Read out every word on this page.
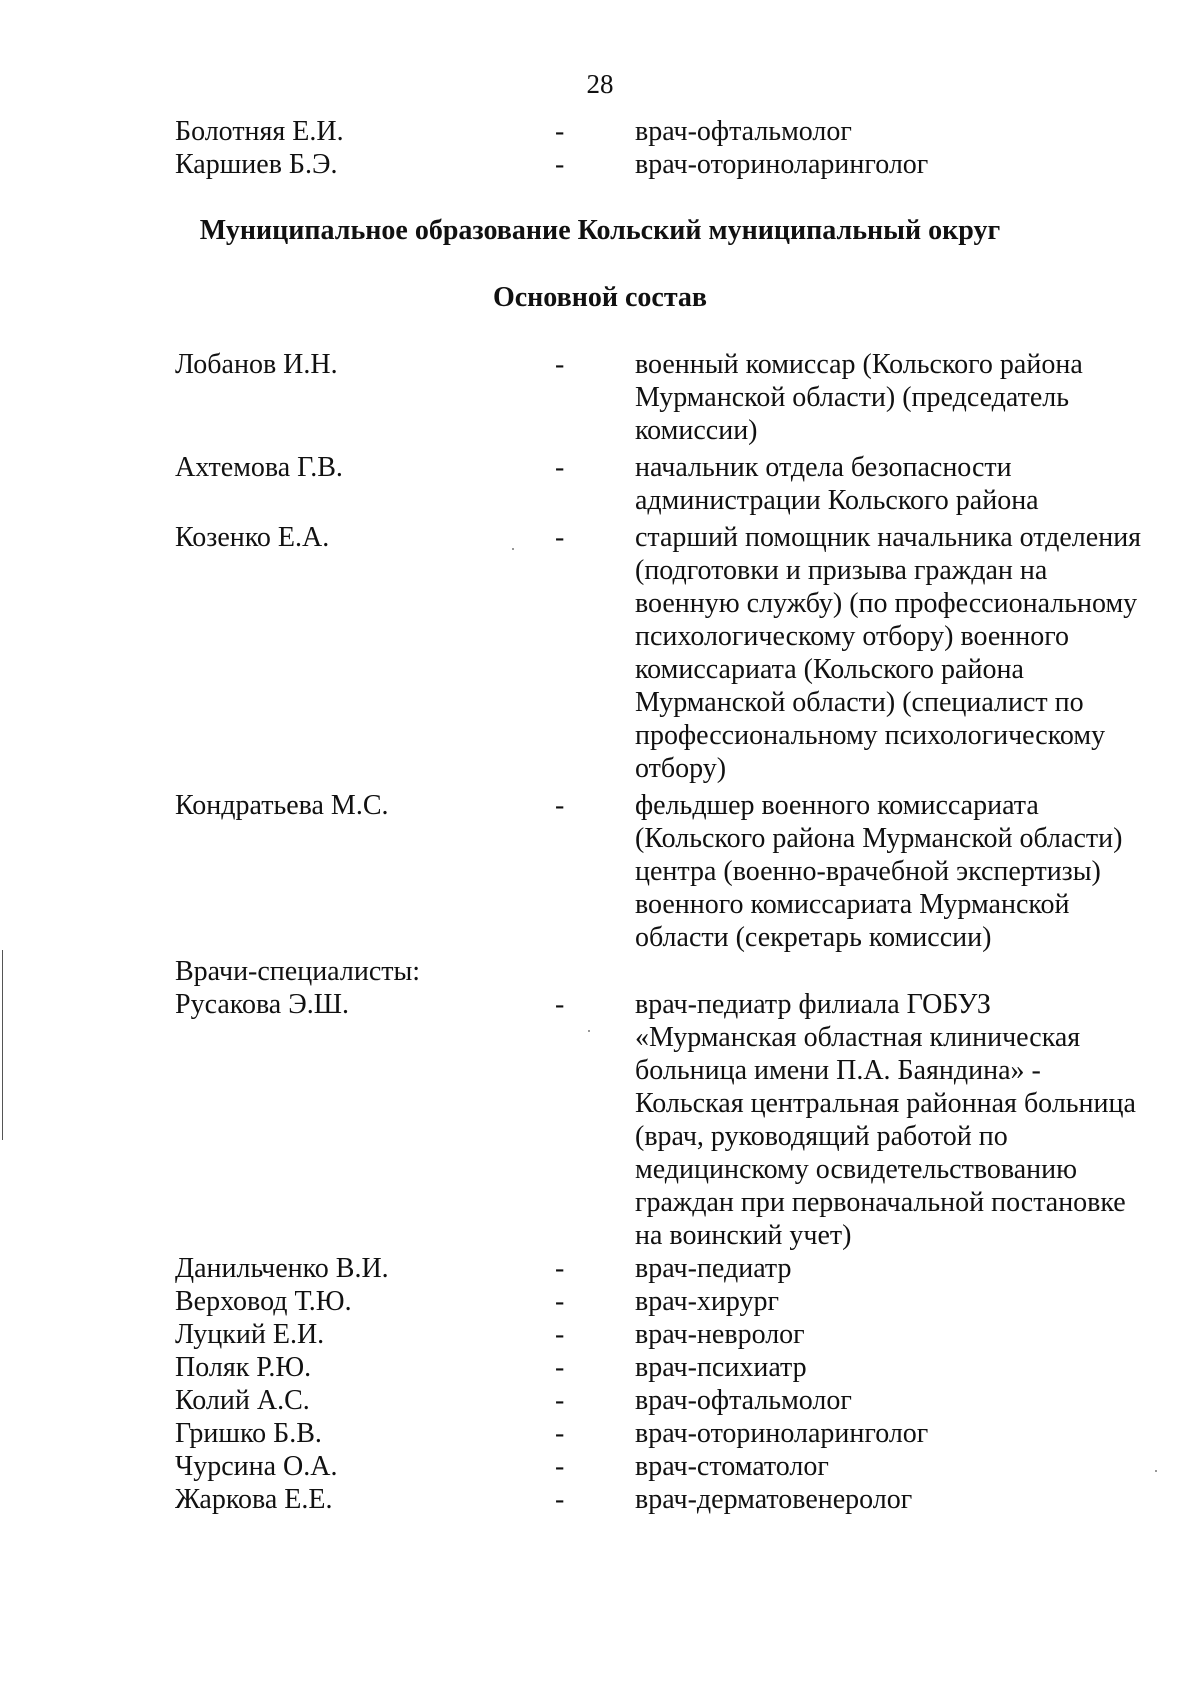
28
Болотняя Е.И.	-	врач-офтальмолог
Каршиев Б.Э.	-	врач-оториноларинголог
Муниципальное образование Кольский муниципальный округ
Основной состав
Лобанов И.Н.	-	военный комиссар (Кольского района
Мурманской области) (председатель
комиссии)
Ахтемова Г.В.	-	начальник отдела безопасности
администрации Кольского района
Козенко Е.А.	-	старший помощник начальника отделения
(подготовки и призыва граждан на
военную службу) (по профессиональному
психологическому отбору) военного
комиссариата (Кольского района
Мурманской области) (специалист по
профессиональному психологическому
отбору)
Кондратьева М.С.	-	фельдшер военного комиссариата
(Кольского района Мурманской области)
центра (военно-врачебной экспертизы)
военного комиссариата Мурманской
области (секретарь комиссии)
Врачи-специалисты:
Русакова Э.Ш.	-	врач-педиатр филиала ГОБУЗ
«Мурманская областная клиническая
больница имени П.А. Баяндина» -
Кольская центральная районная больница
(врач, руководящий работой по
медицинскому освидетельствованию
граждан при первоначальной постановке
на воинский учет)
Данильченко В.И.	-	врач-педиатр
Верховод Т.Ю.	-	врач-хирург
Луцкий Е.И.	-	врач-невролог
Поляк Р.Ю.	-	врач-психиатр
Колий А.С.	-	врач-офтальмолог
Гришко Б.В.	-	врач-оториноларинголог
Чурсина О.А.	-	врач-стоматолог
Жаркова Е.Е.	-	врач-дерматовенеролог
